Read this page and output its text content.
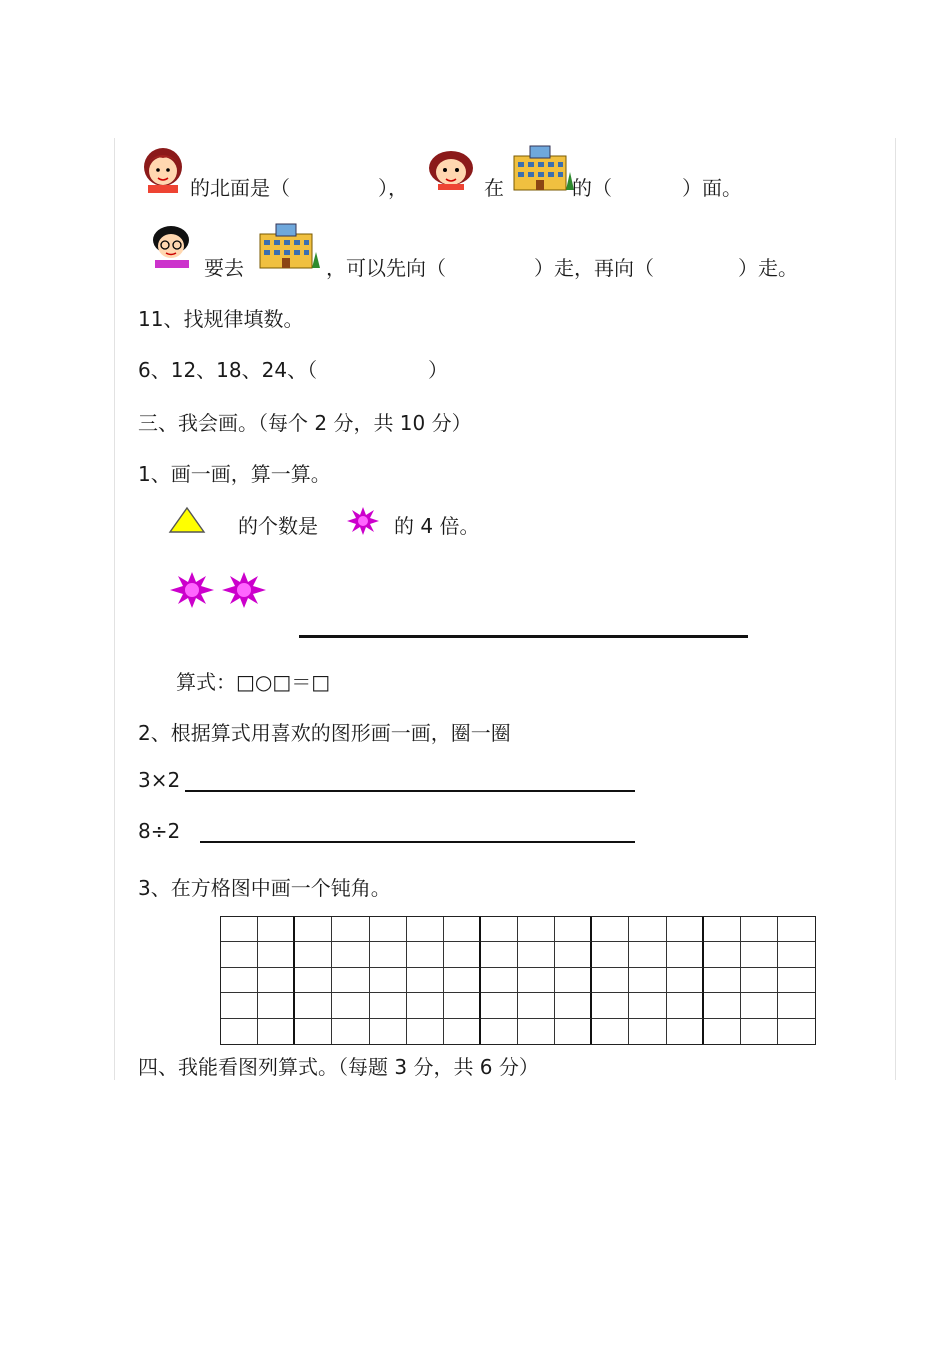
的北面是（	），	在	的（	）面。
要去	，可以先向（	）走，再向（	）走。
11、找规律填数。
6、12、18、24、（	）
三、我会画。（每个 2 分，共 10 分）
1、画一画，算一算。
的个数是	的 4 倍。
算式：□○□＝□
2、根据算式用喜欢的图形画一画，圈一圈
3×2
8÷2
3、在方格图中画一个钝角。
四、我能看图列算式。（每题 3 分，共 6 分）
